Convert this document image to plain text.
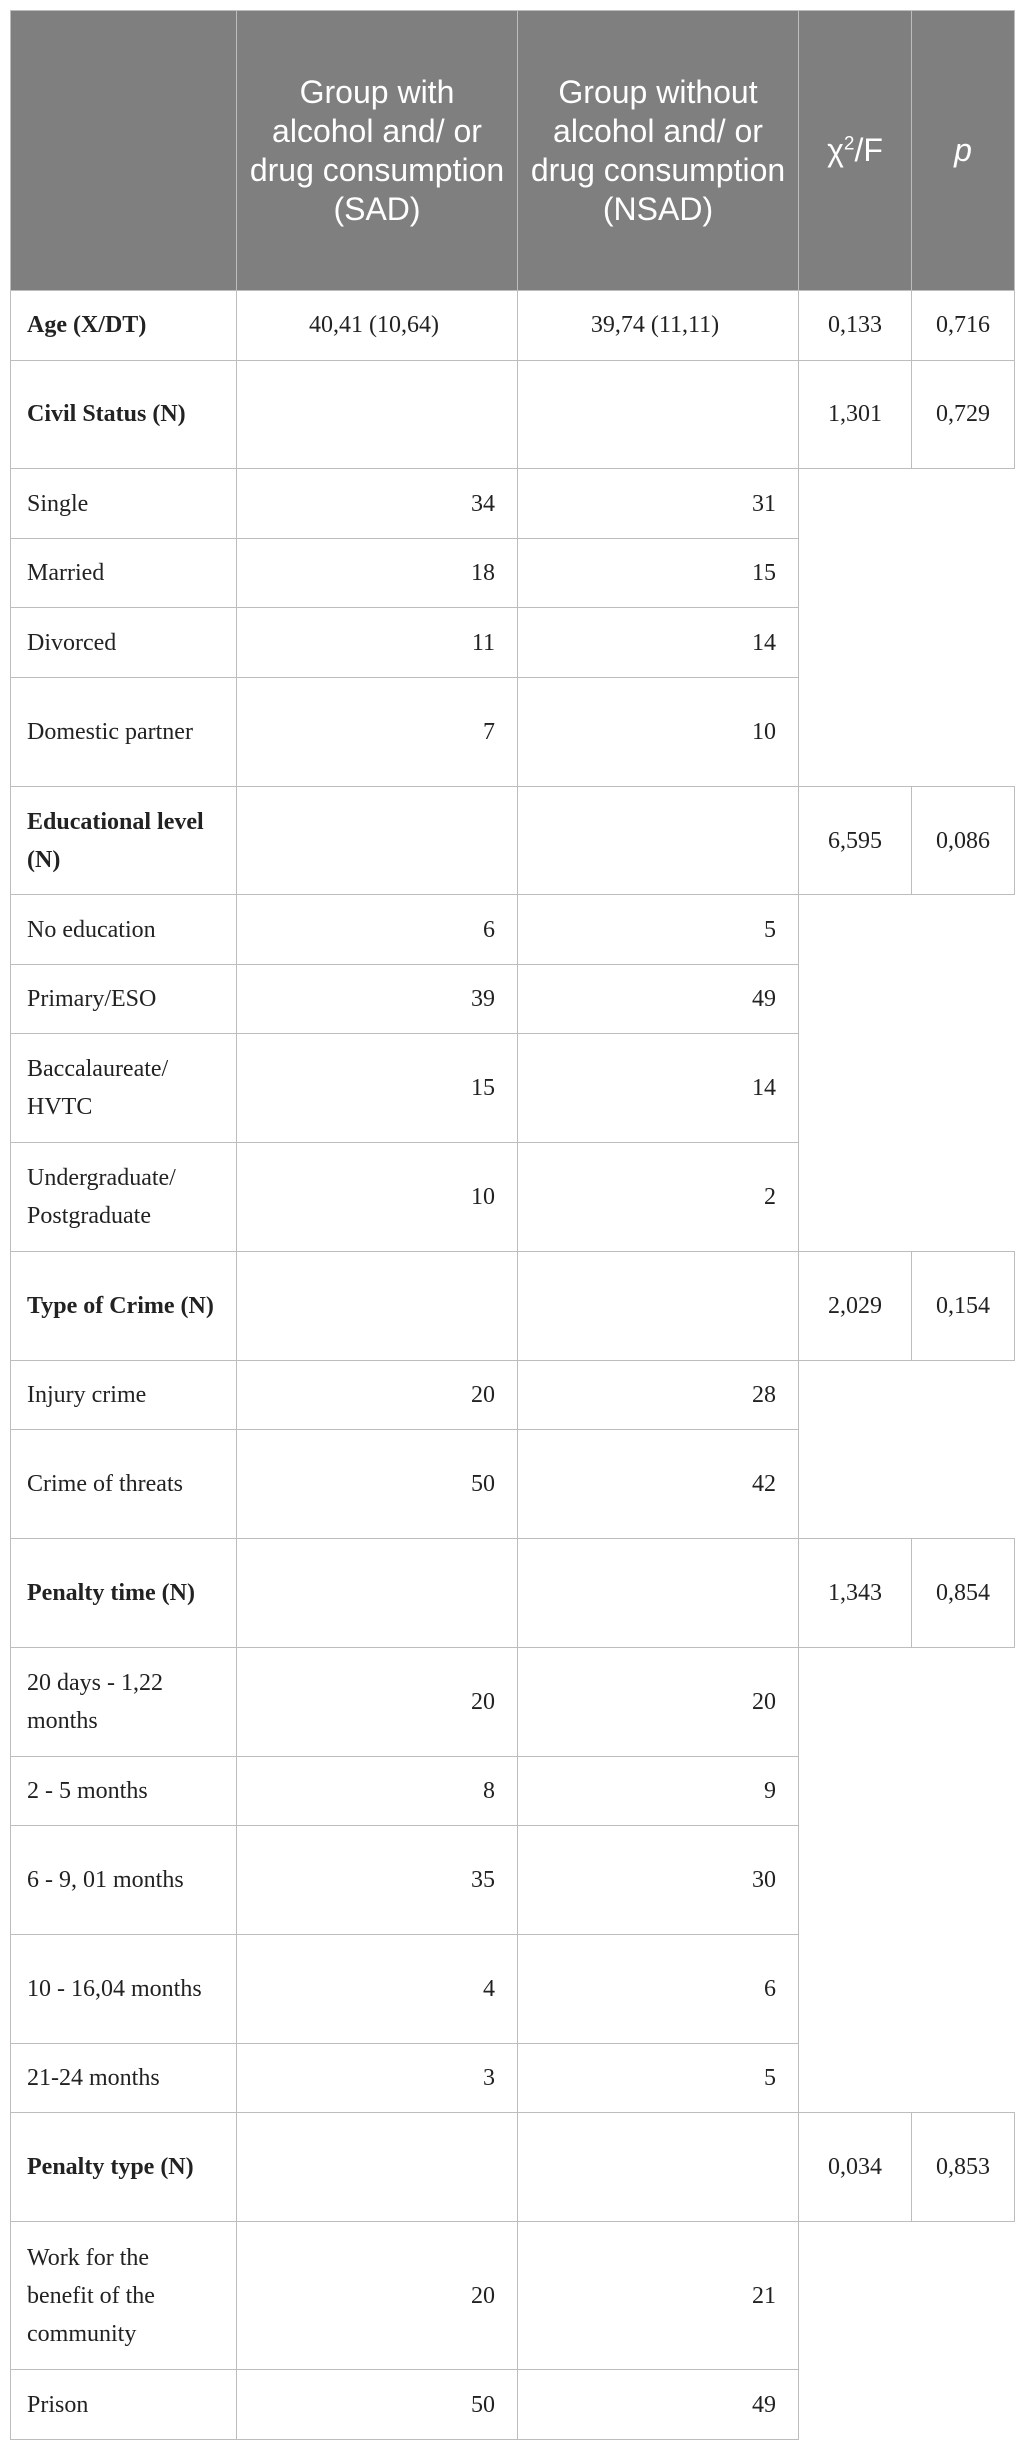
	Group with alcohol and/ or drug consumption (SAD)	Group without alcohol and/ or drug consumption (NSAD)	$\chi^2/F$	p
Age (X/DT)	40,41 (10,64)	39,74 (11,11)	0,133	0,716
Civil Status (N)			1,301	0,729
Single	34	31		
Married	18	15		
Divorced	11	14		
Domestic partner	7	10		
Educational level (N)			6,595	0,086
No education	6	5		
Primary/ESO	39	49		
Baccalaureate/ HVTC	15	14		
Undergraduate/ Postgraduate	10	2		
Type of Crime (N)			2,029	0,154
Injury crime	20	28		
Crime of threats	50	42		
Penalty time (N)			1,343	0,854
20 days - 1,22 months	20	20		
2 - 5 months	8	9		
6 - 9, 01 months	35	30		
10 - 16,04 months	4	6		
21-24 months	3	5		
Penalty type (N)			0,034	0,853
Work for the benefit of the community	20	21		
Prison	50	49		
